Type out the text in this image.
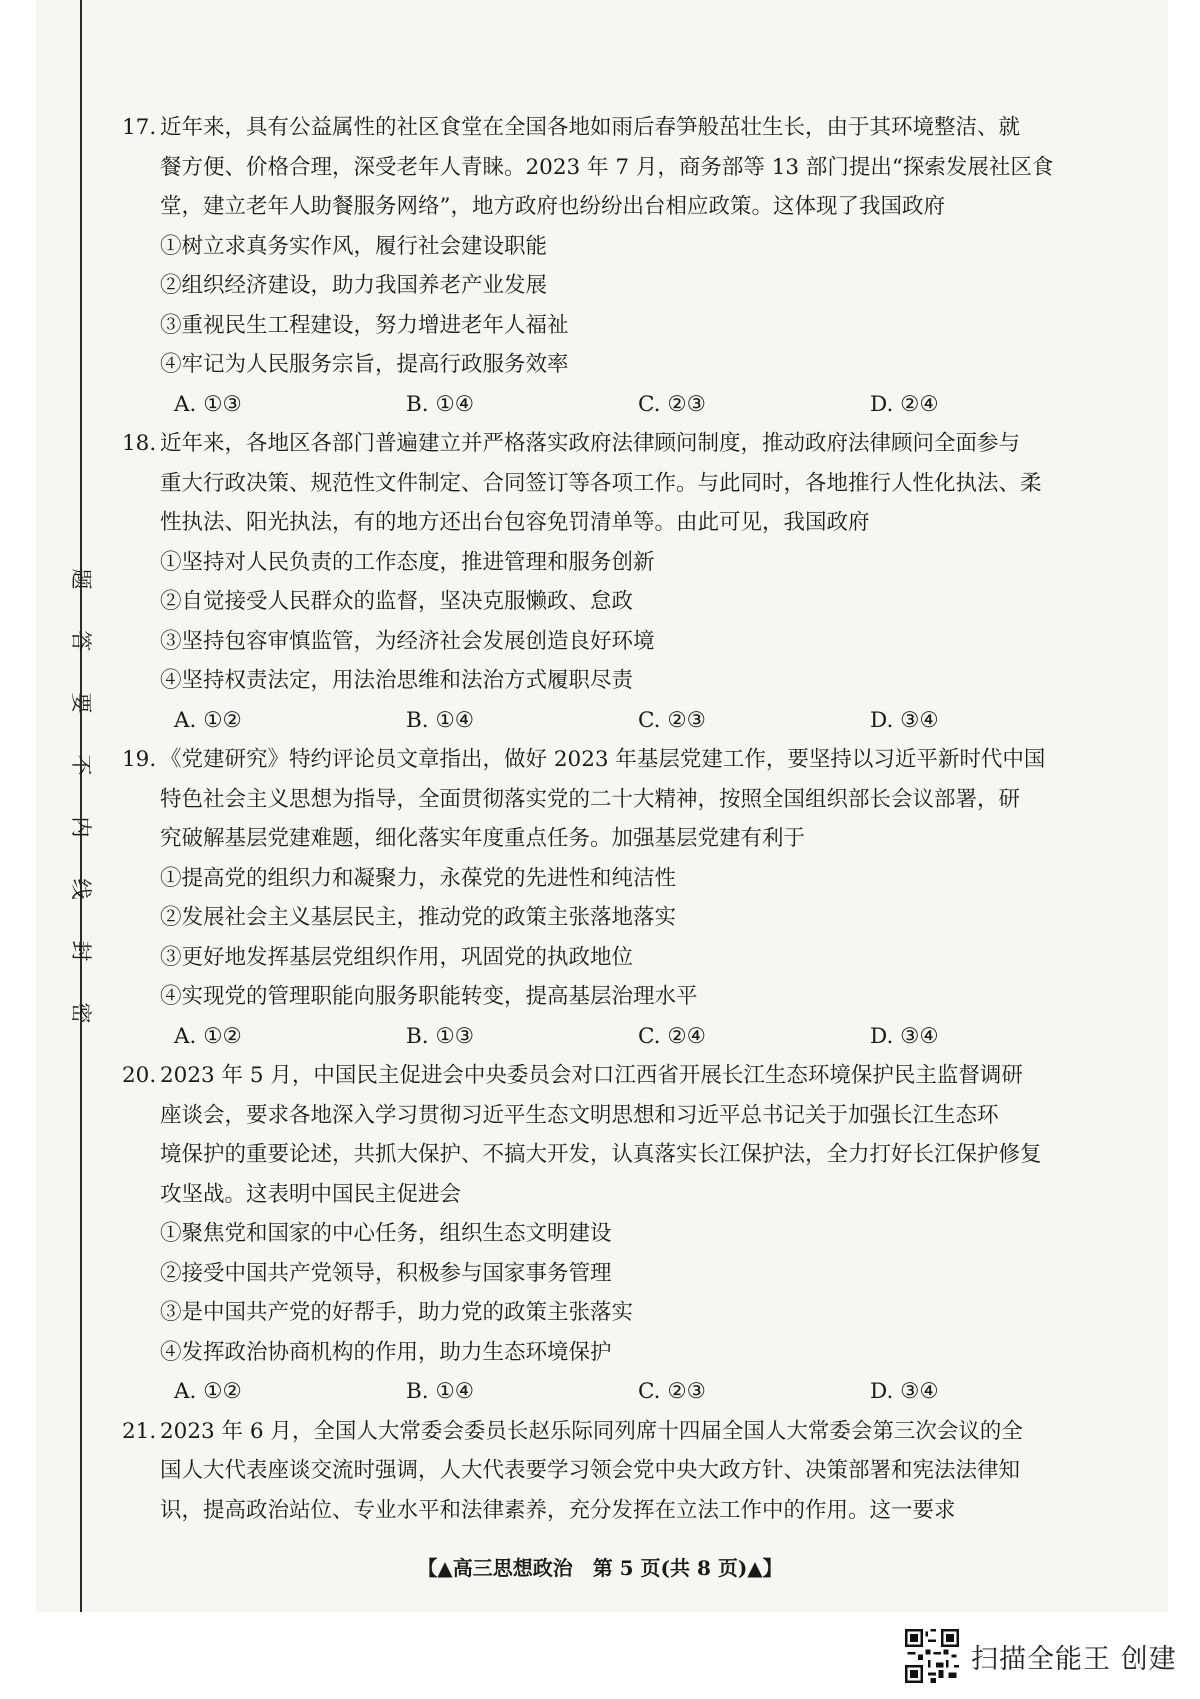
题
答
要
不
内
线
封
密

17. 近年来，具有公益属性的社区食堂在全国各地如雨后春笋般茁壮生长，由于其环境整洁、就

餐方便、价格合理，深受老年人青睐。2023 年 7 月，商务部等 13 部门提出“探索发展社区食

堂，建立老年人助餐服务网络”，地方政府也纷纷出台相应政策。这体现了我国政府

①树立求真务实作风，履行社会建设职能

②组织经济建设，助力我国养老产业发展

③重视民生工程建设，努力增进老年人福祉

④牢记为人民服务宗旨，提高行政服务效率

A. ①③	B. ①④	C. ②③	D. ②④

18. 近年来，各地区各部门普遍建立并严格落实政府法律顾问制度，推动政府法律顾问全面参与

重大行政决策、规范性文件制定、合同签订等各项工作。与此同时，各地推行人性化执法、柔

性执法、阳光执法，有的地方还出台包容免罚清单等。由此可见，我国政府

①坚持对人民负责的工作态度，推进管理和服务创新

②自觉接受人民群众的监督，坚决克服懒政、怠政

③坚持包容审慎监管，为经济社会发展创造良好环境

④坚持权责法定，用法治思维和法治方式履职尽责

A. ①②	B. ①④	C. ②③	D. ③④

19. 《党建研究》特约评论员文章指出，做好 2023 年基层党建工作，要坚持以习近平新时代中国

特色社会主义思想为指导，全面贯彻落实党的二十大精神，按照全国组织部长会议部署，研

究破解基层党建难题，细化落实年度重点任务。加强基层党建有利于

①提高党的组织力和凝聚力，永葆党的先进性和纯洁性

②发展社会主义基层民主，推动党的政策主张落地落实

③更好地发挥基层党组织作用，巩固党的执政地位

④实现党的管理职能向服务职能转变，提高基层治理水平

A. ①②	B. ①③	C. ②④	D. ③④

20. 2023 年 5 月，中国民主促进会中央委员会对口江西省开展长江生态环境保护民主监督调研

座谈会，要求各地深入学习贯彻习近平生态文明思想和习近平总书记关于加强长江生态环

境保护的重要论述，共抓大保护、不搞大开发，认真落实长江保护法，全力打好长江保护修复

攻坚战。这表明中国民主促进会

①聚焦党和国家的中心任务，组织生态文明建设

②接受中国共产党领导，积极参与国家事务管理

③是中国共产党的好帮手，助力党的政策主张落实

④发挥政治协商机构的作用，助力生态环境保护

A. ①②	B. ①④	C. ②③	D. ③④

21. 2023 年 6 月，全国人大常委会委员长赵乐际同列席十四届全国人大常委会第三次会议的全

国人大代表座谈交流时强调，人大代表要学习领会党中央大政方针、决策部署和宪法法律知

识，提高政治站位、专业水平和法律素养，充分发挥在立法工作中的作用。这一要求

【▲高三思想政治　第 5 页(共 8 页)▲】
扫描全能王 创建
